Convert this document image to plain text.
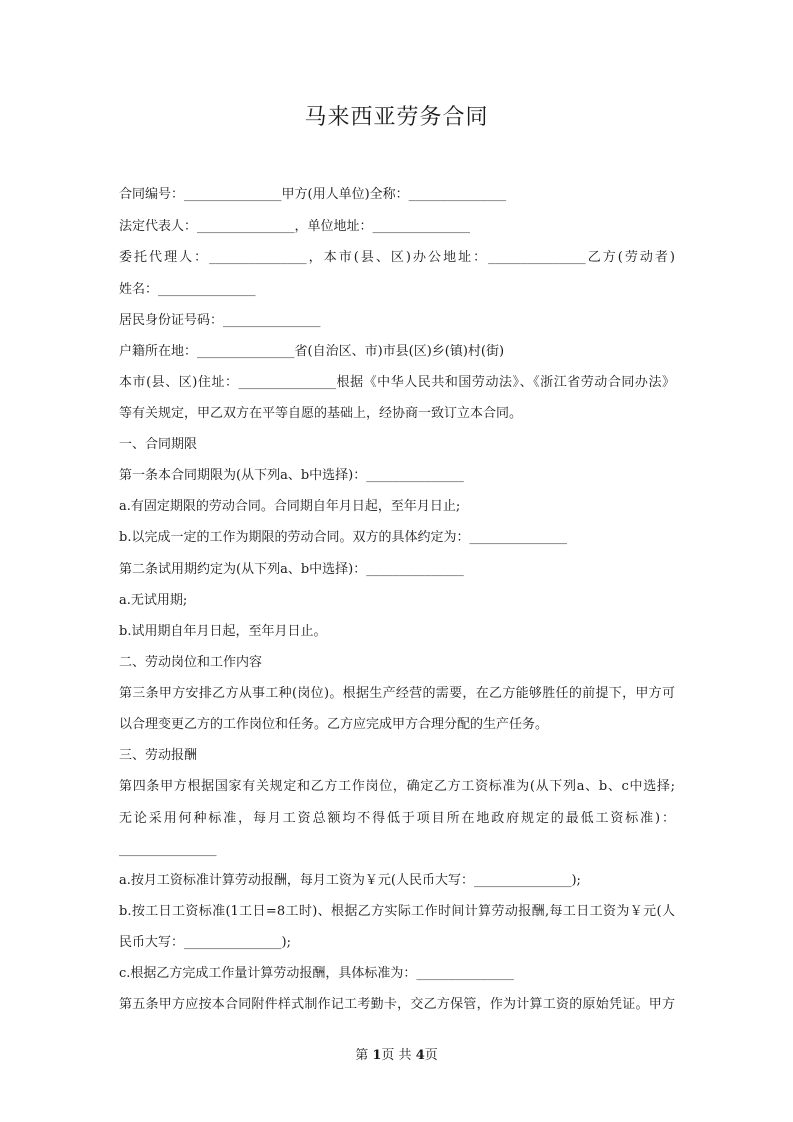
马来西亚劳务合同
合同编号：_______________甲方(用人单位)全称：_______________
法定代表人：_______________，单位地址：_______________
委托代理人：_______________，本市(县、区)办公地址：_______________乙方(劳动者)
姓名：_______________
居民身份证号码：_______________
户籍所在地：_______________省(自治区、市)市县(区)乡(镇)村(街)
本市(县、区)住址：_______________根据《中华人民共和国劳动法》、《浙江省劳动合同办法》
等有关规定，甲乙双方在平等自愿的基础上，经协商一致订立本合同。
一、合同期限
第一条本合同期限为(从下列a、b中选择)：_______________
a.有固定期限的劳动合同。合同期自年月日起，至年月日止;
b.以完成一定的工作为期限的劳动合同。双方的具体约定为：_______________
第二条试用期约定为(从下列a、b中选择)：_______________
a.无试用期;
b.试用期自年月日起，至年月日止。
二、劳动岗位和工作内容
第三条甲方安排乙方从事工种(岗位)。根据生产经营的需要，在乙方能够胜任的前提下，甲方可
以合理变更乙方的工作岗位和任务。乙方应完成甲方合理分配的生产任务。
三、劳动报酬
第四条甲方根据国家有关规定和乙方工作岗位，确定乙方工资标准为(从下列a、b、c中选择;
无论采用何种标准，每月工资总额均不得低于项目所在地政府规定的最低工资标准)：
_______________
a.按月工资标准计算劳动报酬，每月工资为￥元(人民币大写：_______________);
b.按工日工资标准(1工日=8工时)、根据乙方实际工作时间计算劳动报酬,每工日工资为￥元(人
民币大写：_______________);
c.根据乙方完成工作量计算劳动报酬，具体标准为：_______________
第五条甲方应按本合同附件样式制作记工考勤卡，交乙方保管，作为计算工资的原始凭证。甲方
第 1页 共 4页
